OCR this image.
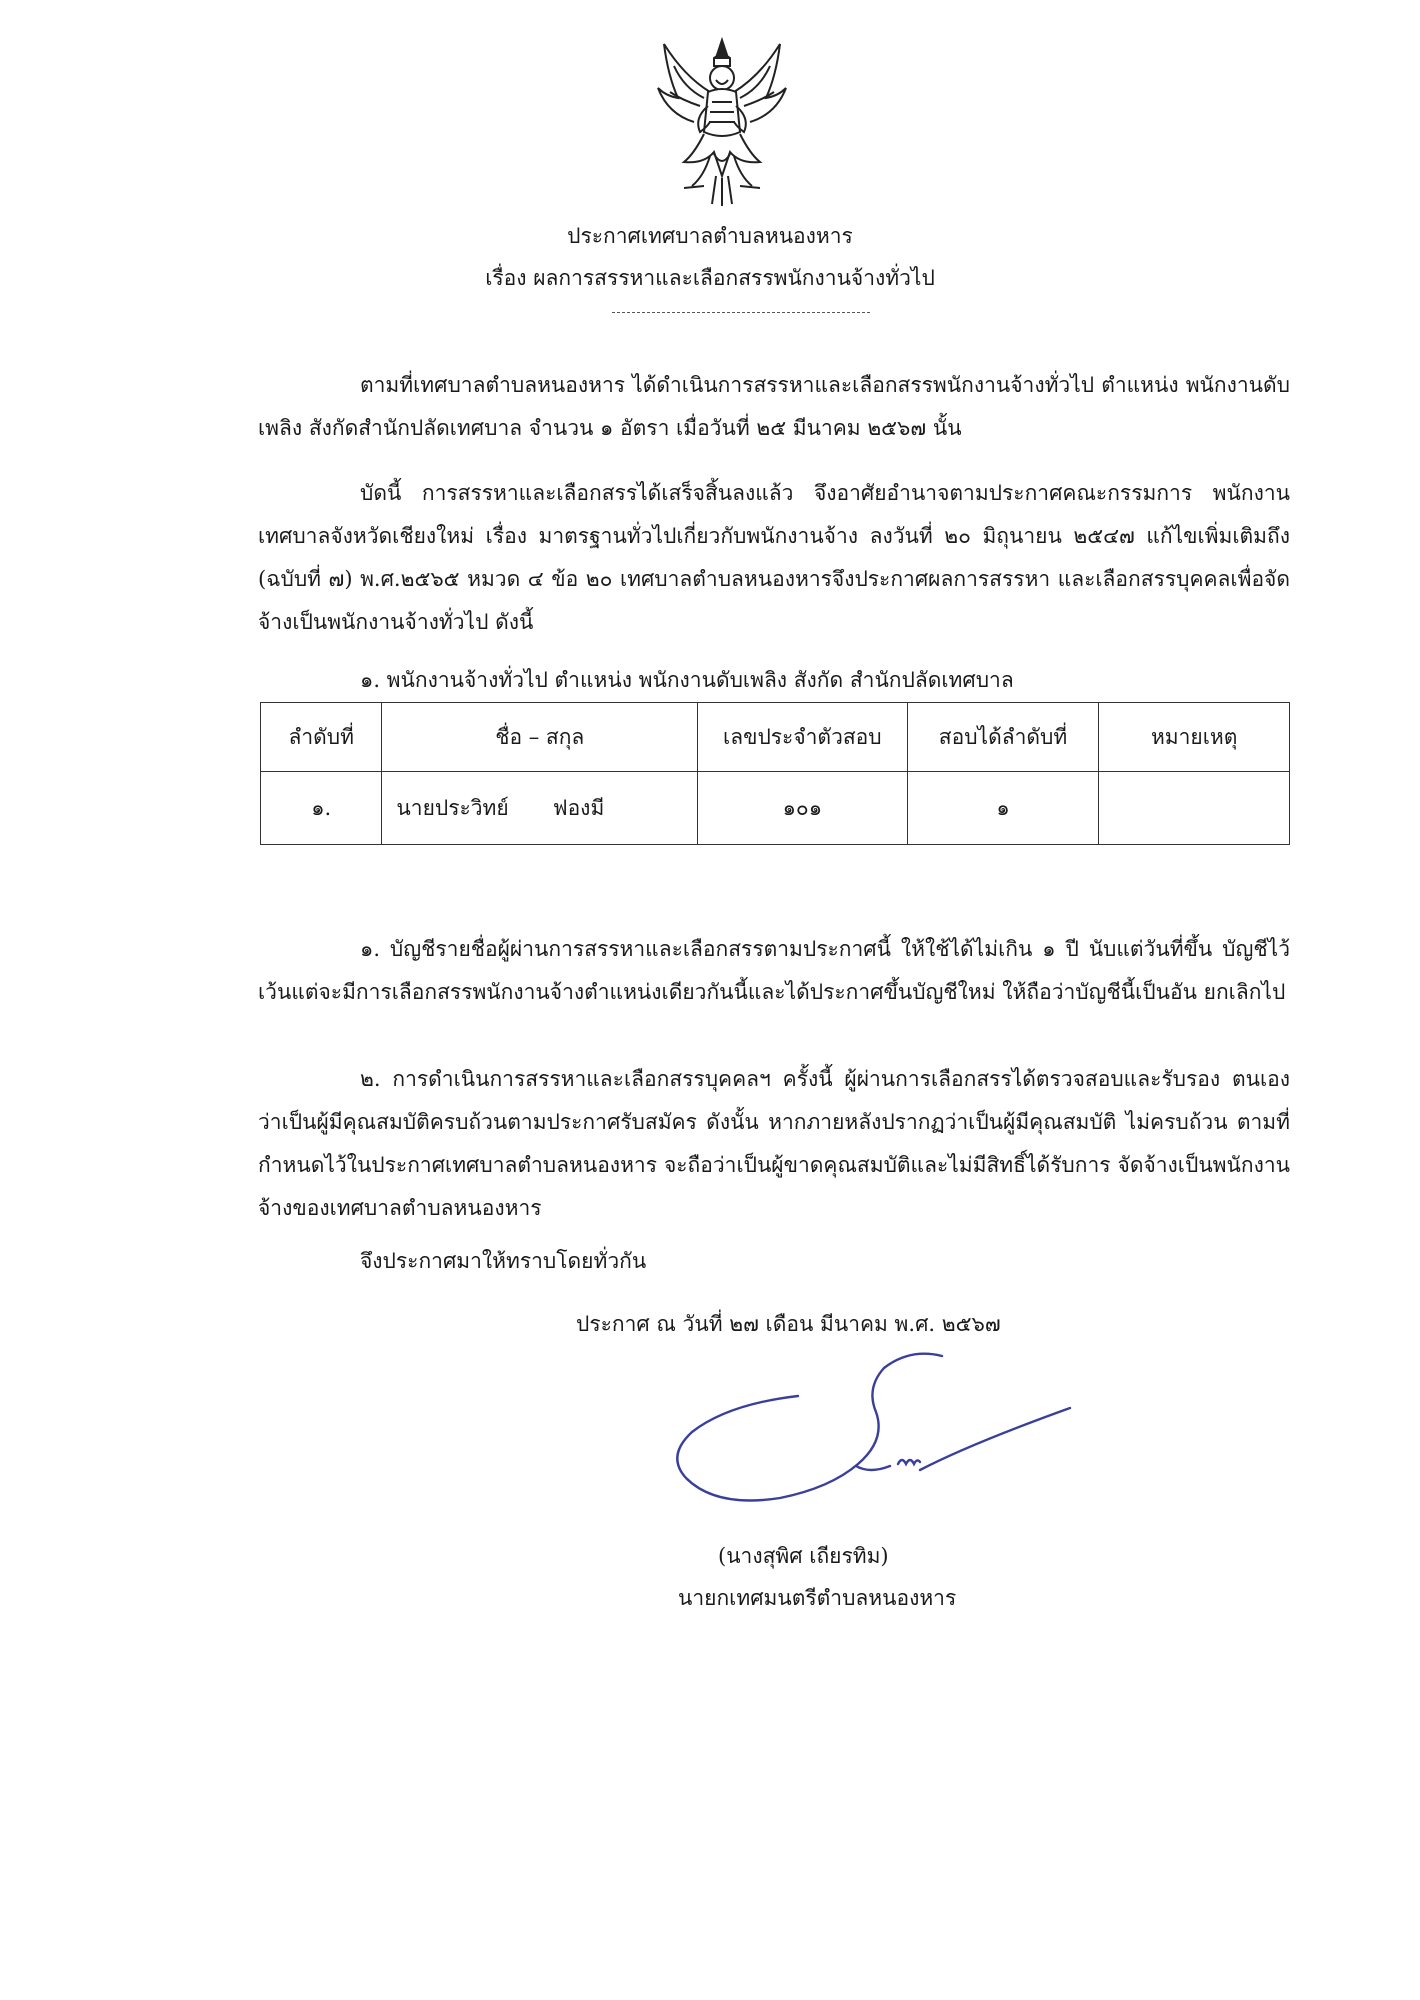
ประกาศเทศบาลตำบลหนองหาร
เรื่อง ผลการสรรหาและเลือกสรรพนักงานจ้างทั่วไป
ตามที่เทศบาลตำบลหนองหาร ได้ดำเนินการสรรหาและเลือกสรรพนักงานจ้างทั่วไป ตำแหน่ง พนักงานดับเพลิง สังกัดสำนักปลัดเทศบาล จำนวน ๑ อัตรา เมื่อวันที่ ๒๕ มีนาคม ๒๕๖๗ นั้น
บัดนี้ การสรรหาและเลือกสรรได้เสร็จสิ้นลงแล้ว จึงอาศัยอำนาจตามประกาศคณะกรรมการ พนักงานเทศบาลจังหวัดเชียงใหม่ เรื่อง มาตรฐานทั่วไปเกี่ยวกับพนักงานจ้าง ลงวันที่ ๒๐ มิถุนายน ๒๕๔๗ แก้ไขเพิ่มเติมถึง (ฉบับที่ ๗) พ.ศ.๒๕๖๕ หมวด ๔ ข้อ ๒๐ เทศบาลตำบลหนองหารจึงประกาศผลการสรรหา และเลือกสรรบุคคลเพื่อจัดจ้างเป็นพนักงานจ้างทั่วไป ดังนี้
๑. พนักงานจ้างทั่วไป ตำแหน่ง พนักงานดับเพลิง สังกัด สำนักปลัดเทศบาล
ลำดับที่	ชื่อ – สกุล	เลขประจำตัวสอบ	สอบได้ลำดับที่	หมายเหตุ
๑.	นายประวิทย์ ฟองมี	๑๐๑	๑	
๑. บัญชีรายชื่อผู้ผ่านการสรรหาและเลือกสรรตามประกาศนี้ ให้ใช้ได้ไม่เกิน ๑ ปี นับแต่วันที่ขึ้น บัญชีไว้ เว้นแต่จะมีการเลือกสรรพนักงานจ้างตำแหน่งเดียวกันนี้และได้ประกาศขึ้นบัญชีใหม่ ให้ถือว่าบัญชีนี้เป็นอัน ยกเลิกไป
๒. การดำเนินการสรรหาและเลือกสรรบุคคลฯ ครั้งนี้ ผู้ผ่านการเลือกสรรได้ตรวจสอบและรับรอง ตนเองว่าเป็นผู้มีคุณสมบัติครบถ้วนตามประกาศรับสมัคร ดังนั้น หากภายหลังปรากฏว่าเป็นผู้มีคุณสมบัติ ไม่ครบถ้วน ตามที่กำหนดไว้ในประกาศเทศบาลตำบลหนองหาร จะถือว่าเป็นผู้ขาดคุณสมบัติและไม่มีสิทธิ์ได้รับการ จัดจ้างเป็นพนักงานจ้างของเทศบาลตำบลหนองหาร
จึงประกาศมาให้ทราบโดยทั่วกัน
ประกาศ ณ วันที่ ๒๗ เดือน มีนาคม พ.ศ. ๒๕๖๗
(นางสุพิศ เถียรทิม)
นายกเทศมนตรีตำบลหนองหาร
